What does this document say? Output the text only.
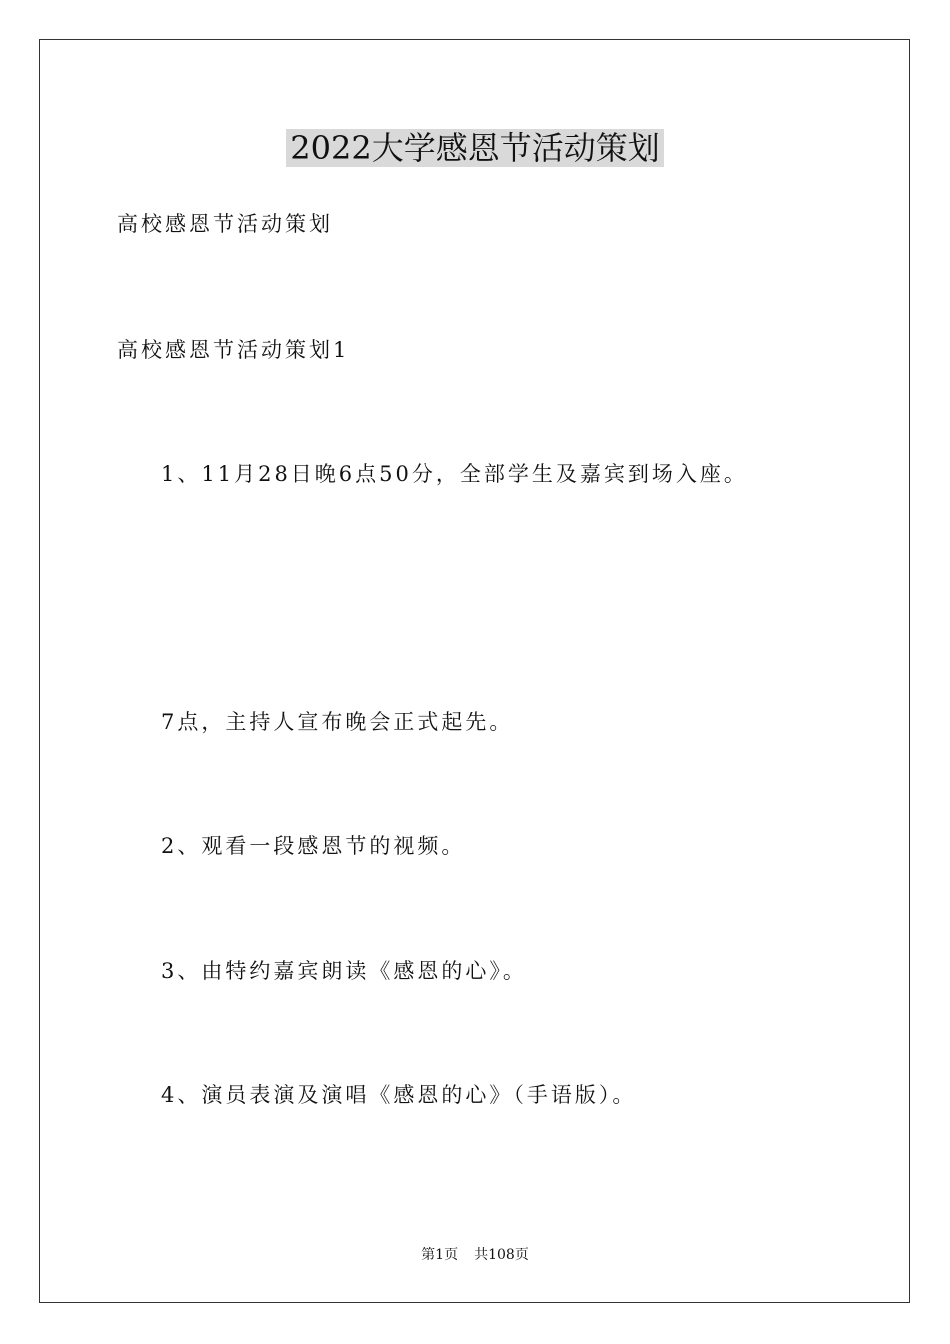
2022大学感恩节活动策划
高校感恩节活动策划
高校感恩节活动策划1
1、11月28日晚6点50分，全部学生及嘉宾到场入座。
7点，主持人宣布晚会正式起先。
2、观看一段感恩节的视频。
3、由特约嘉宾朗读《感恩的心》。
4、演员表演及演唱《感恩的心》（手语版）。
第1页 共108页
